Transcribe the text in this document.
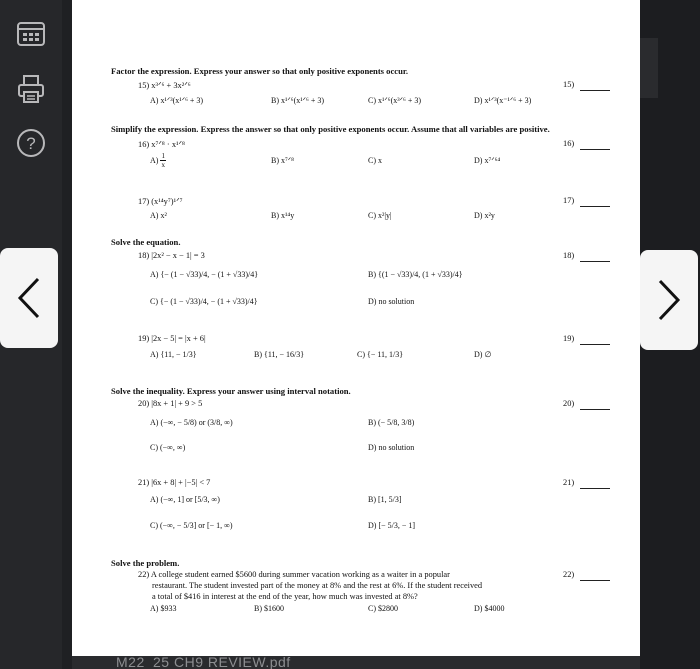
?
Factor the expression. Express your answer so that only positive exponents occur.
15) x³ᐟ⁶ + 3x²ᐟ⁶	15)
A) x¹ᐟ³(x¹ᐟ⁶ + 3)	B) x¹ᐟ⁶(x¹ᐟ⁶ + 3)	C) x¹ᐟ⁶(x³ᐟ⁶ + 3)	D) x¹ᐟ³(x⁻¹ᐟ⁶ + 3)
Simplify the expression. Express the answer so that only positive exponents occur. Assume that all variables are positive.
16) x⁷ᐟ⁸ · x¹ᐟ⁸	16)
$A) \frac{1}{x}$	B) x⁷ᐟ⁸	C) x	D) x⁷ᐟ⁶⁴
17) (x¹⁴y⁷)¹ᐟ⁷	17)
A) x²	B) x¹⁴y	C) x²|y|	D) x²y
Solve the equation.
18) |2x² − x − 1| = 3	18)
A) {− (1 − √33)/4, − (1 + √33)/4}	B) {(1 − √33)/4, (1 + √33)/4}
C) {− (1 − √33)/4, − (1 + √33)/4}	D) no solution
19) |2x − 5| = |x + 6|	19)
A) {11, − 1/3}	B) {11, − 16/3}	C) {− 11, 1/3}	D) ∅
Solve the inequality. Express your answer using interval notation.
20) |8x + 1| + 9 > 5	20)
A) (−∞, − 5/8) or (3/8, ∞)	B) (− 5/8, 3/8)
C) (−∞, ∞)	D) no solution
21) |6x + 8| + |−5| < 7	21)
A) (−∞, 1] or [5/3, ∞)	B) [1, 5/3]
C) (−∞, − 5/3] or [− 1, ∞)	D) [− 5/3, − 1]
Solve the problem.
22) A college student earned $5600 during summer vacation working as a waiter in a popular
restaurant. The student invested part of the money at 8% and the rest at 6%. If the student received
a total of $416 in interest at the end of the year, how much was invested at 8%?
22)
A) $933	B) $1600	C) $2800	D) $4000
M22_25 CH9 REVIEW.pdf
